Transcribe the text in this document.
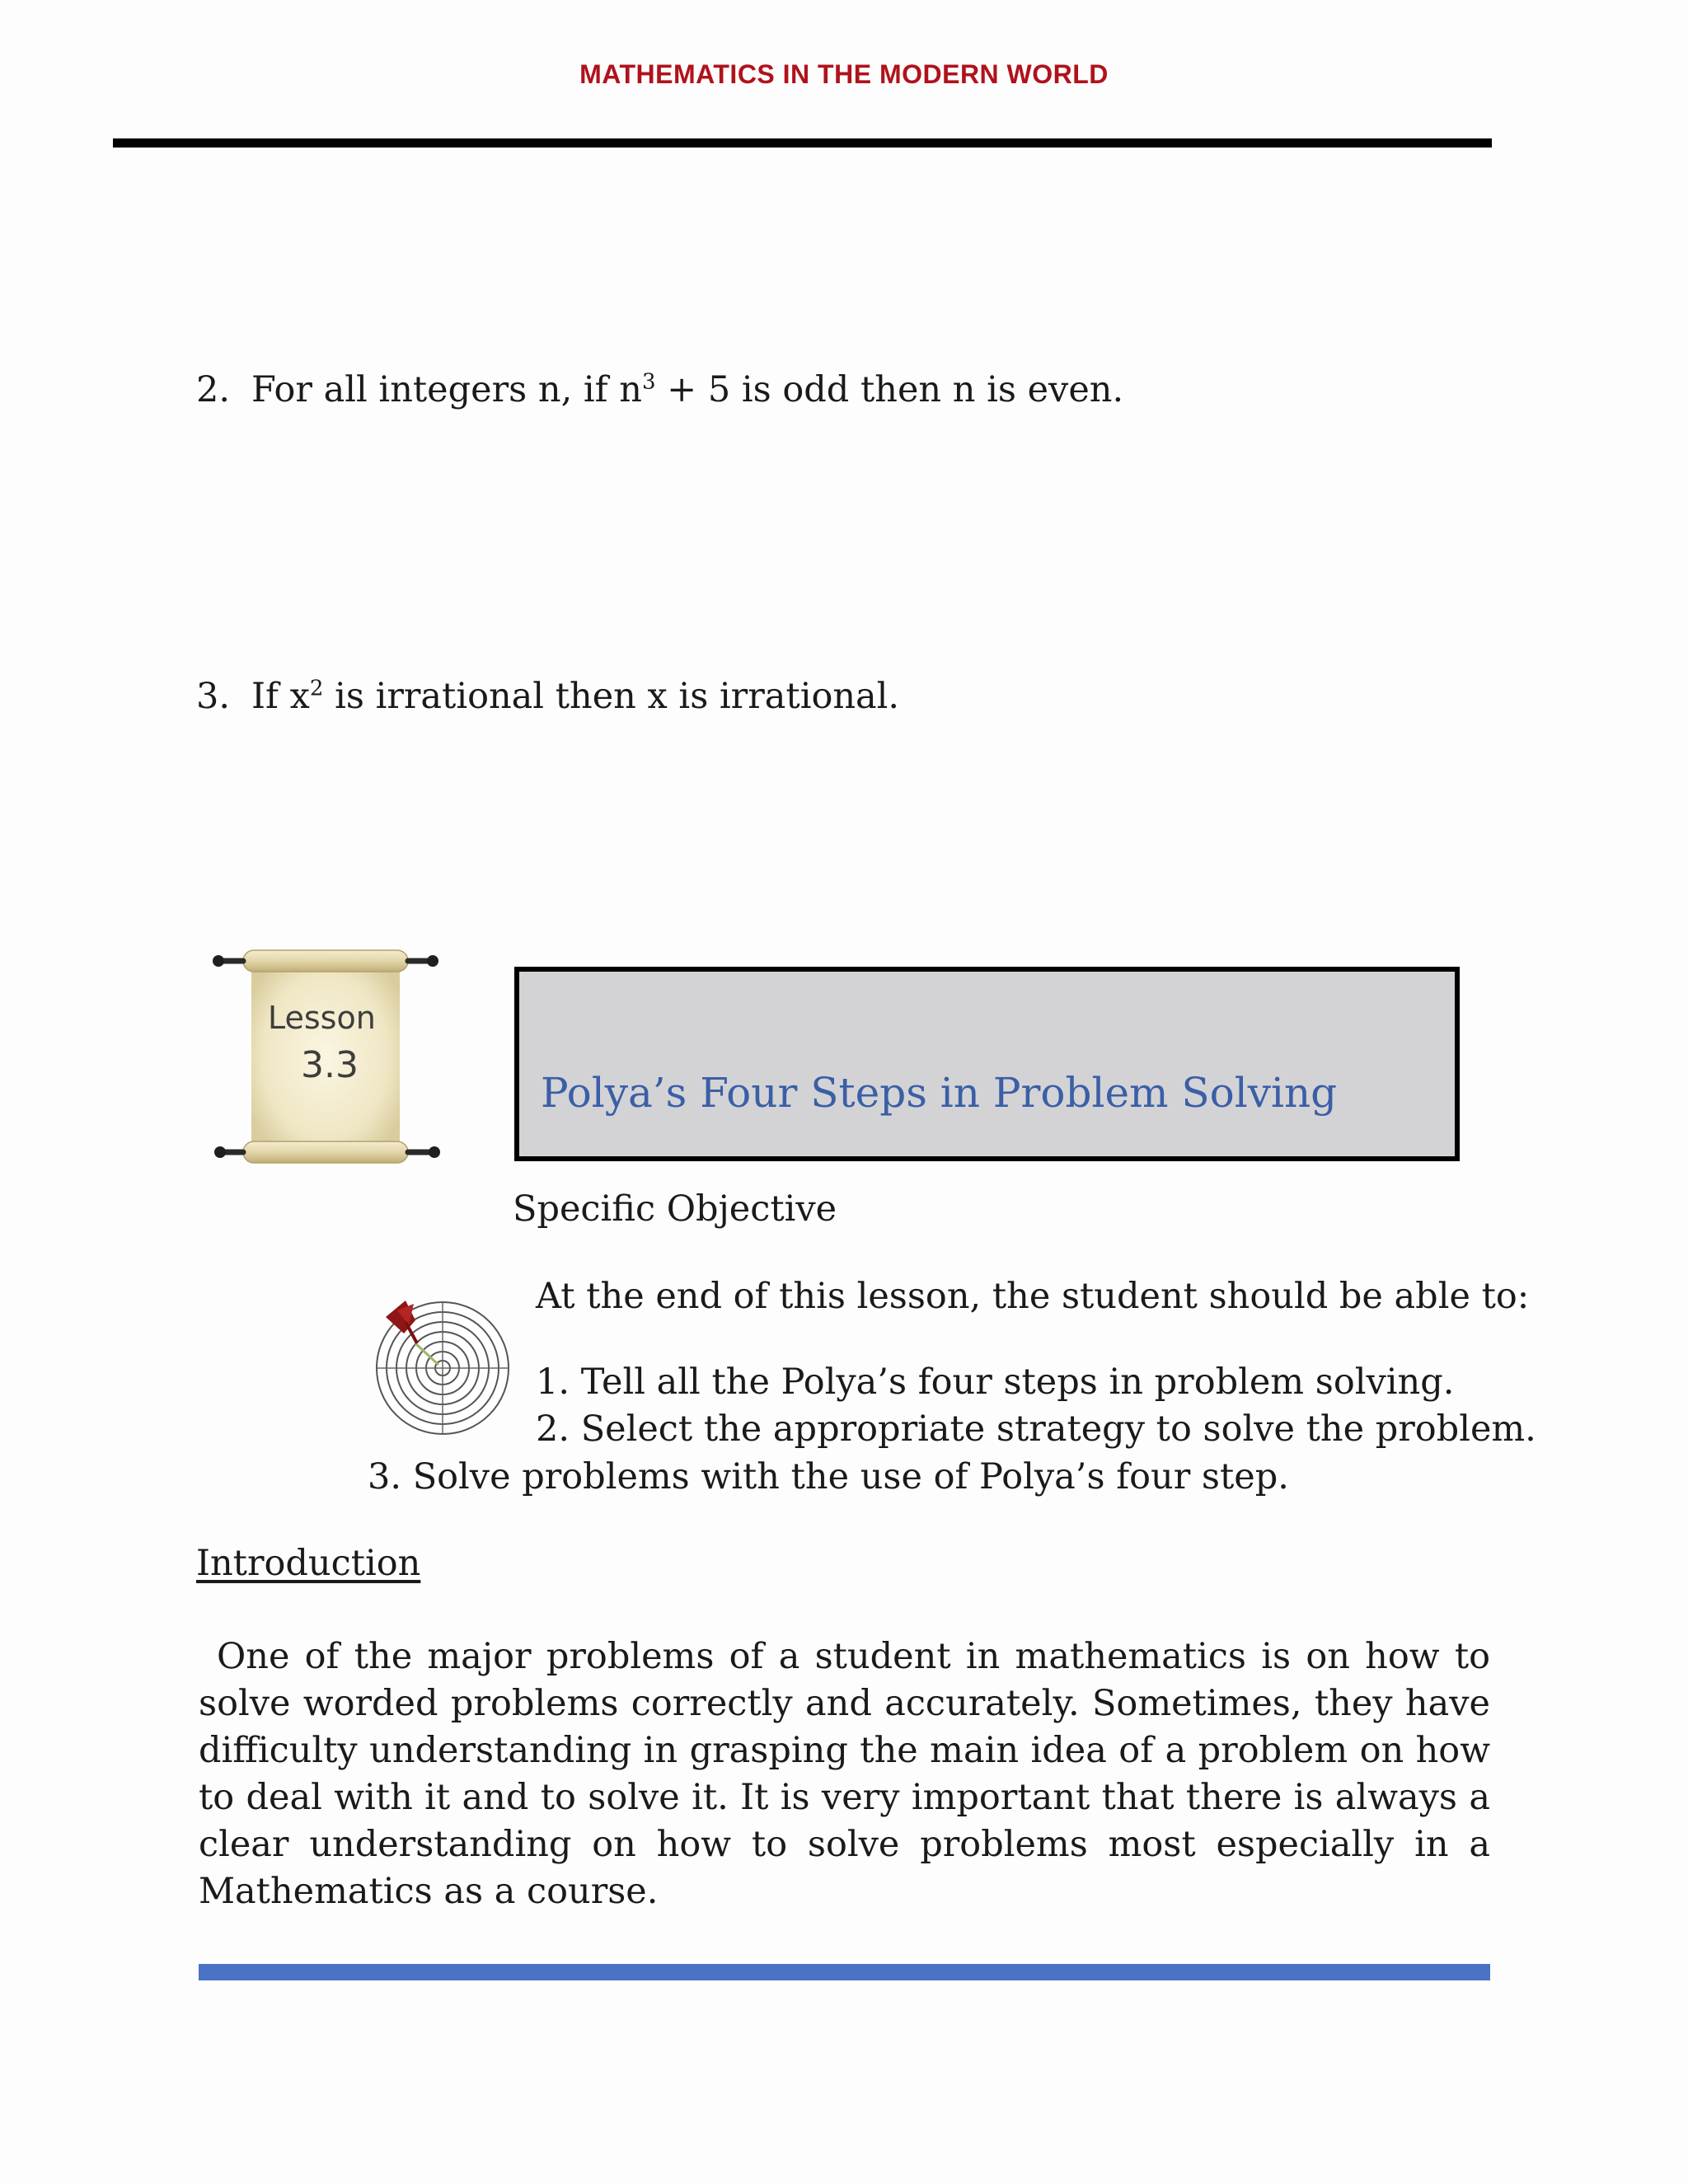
MATHEMATICS IN THE MODERN WORLD
2. For all integers n, if $n^3 + 5$ is odd then n is even.
3. If $x^2$ is irrational then x is irrational.
Lesson
3.3
Polya’s Four Steps in Problem Solving
Specific Objective
At the end of this lesson, the student should be able to:
1. Tell all the Polya’s four steps in problem solving.
2. Select the appropriate strategy to solve the problem.
3. Solve problems with the use of Polya’s four step.
Introduction
One of the major problems of a student in mathematics is on how to solve worded problems correctly and accurately. Sometimes, they have difficulty understanding in grasping the main idea of a problem on how to deal with it and to solve it. It is very important that there is always a clear understanding on how to solve problems most especially in a Mathematics as a course.
